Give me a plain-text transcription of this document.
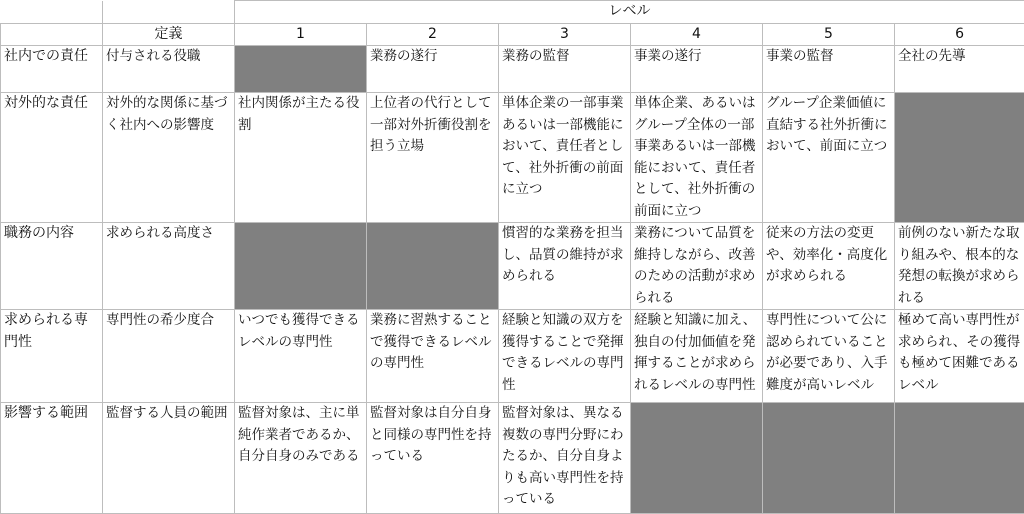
		レベル					
	定義	1	2	3	4	5	6
社内での責任	付与される役職		業務の遂行	業務の監督	事業の遂行	事業の監督	全社の先導
対外的な責任	対外的な関係に基づく社内への影響度	社内関係が主たる役割	上位者の代行として一部対外折衝役割を担う立場	単体企業の一部事業あるいは一部機能において、責任者として、社外折衝の前面に立つ	単体企業、あるいはグループ全体の一部事業あるいは一部機能において、責任者として、社外折衝の前面に立つ	グループ企業価値に直結する社外折衝において、前面に立つ	
職務の内容	求められる高度さ			慣習的な業務を担当し、品質の維持が求められる	業務について品質を維持しながら、改善のための活動が求められる	従来の方法の変更や、効率化・高度化が求められる	前例のない新たな取り組みや、根本的な発想の転換が求められる
求められる専門性	専門性の希少度合	いつでも獲得できるレベルの専門性	業務に習熟することで獲得できるレベルの専門性	経験と知識の双方を獲得することで発揮できるレベルの専門性	経験と知識に加え、独自の付加価値を発揮することが求められるレベルの専門性	専門性について公に認められていることが必要であり、入手難度が高いレベル	極めて高い専門性が求められ、その獲得も極めて困難であるレベル
影響する範囲	監督する人員の範囲	監督対象は、主に単純作業者であるか、自分自身のみである	監督対象は自分自身と同様の専門性を持っている	監督対象は、異なる複数の専門分野にわたるか、自分自身よりも高い専門性を持っている			
